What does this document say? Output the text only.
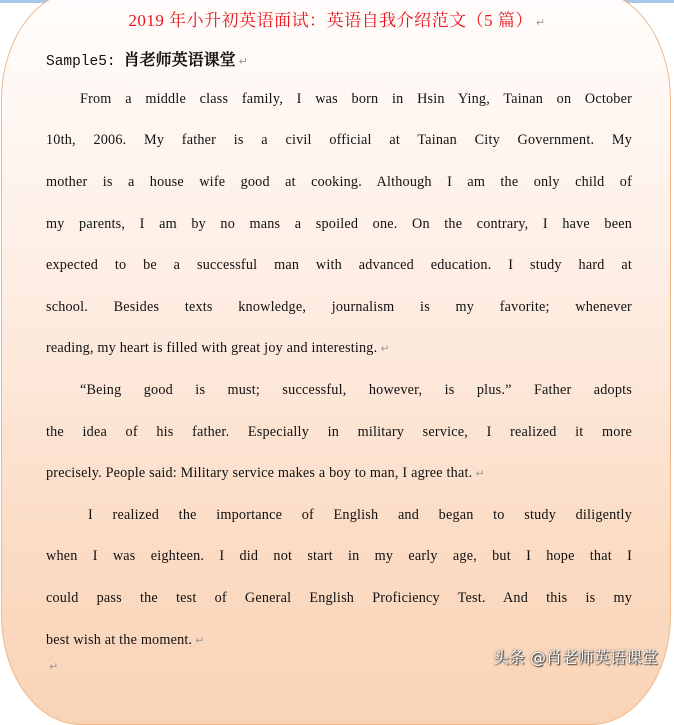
2019 年小升初英语面试：英语自我介绍范文（5 篇） ↵
Sample5: 肖老师英语课堂 ↵
From a middle class family, I was born in Hsin Ying, Tainan on October
10th, 2006. My father is a civil official at Tainan City Government. My
mother is a house wife good at cooking. Although I am the only child of
my parents, I am by no mans a spoiled one. On the contrary, I have been
expected to be a successful man with advanced education. I study hard at
school. Besides texts knowledge, journalism is my favorite; whenever
reading, my heart is filled with great joy and interesting. ↵
“Being good is must; successful, however, is plus.” Father adopts
the idea of his father. Especially in military service, I realized it more
precisely. People said: Military service makes a boy to man, I agree that. ↵
I realized the importance of English and began to study diligently
when I was eighteen. I did not start in my early age, but I hope that I
could pass the test of General English Proficiency Test. And this is my
best wish at the moment. ↵
↵	头条 @肖老师英语课堂
